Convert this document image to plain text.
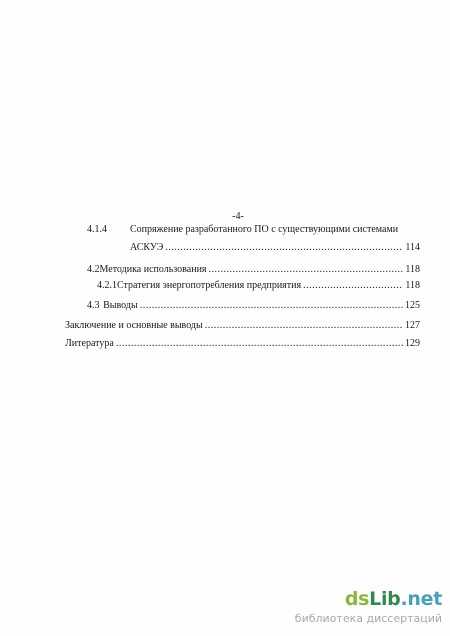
-4-
4.1.4	Сопряжение разработанного ПО с существующими системами
АСКУЭ .....	114
4.2 Методика использования .....	118
4.2.1 Стратегия энергопотребления предприятия .....	118
4.3 Выводы .....	125
Заключение и основные выводы .....	127
Литература .....	129
dsLib.net
библиотека диссертаций
